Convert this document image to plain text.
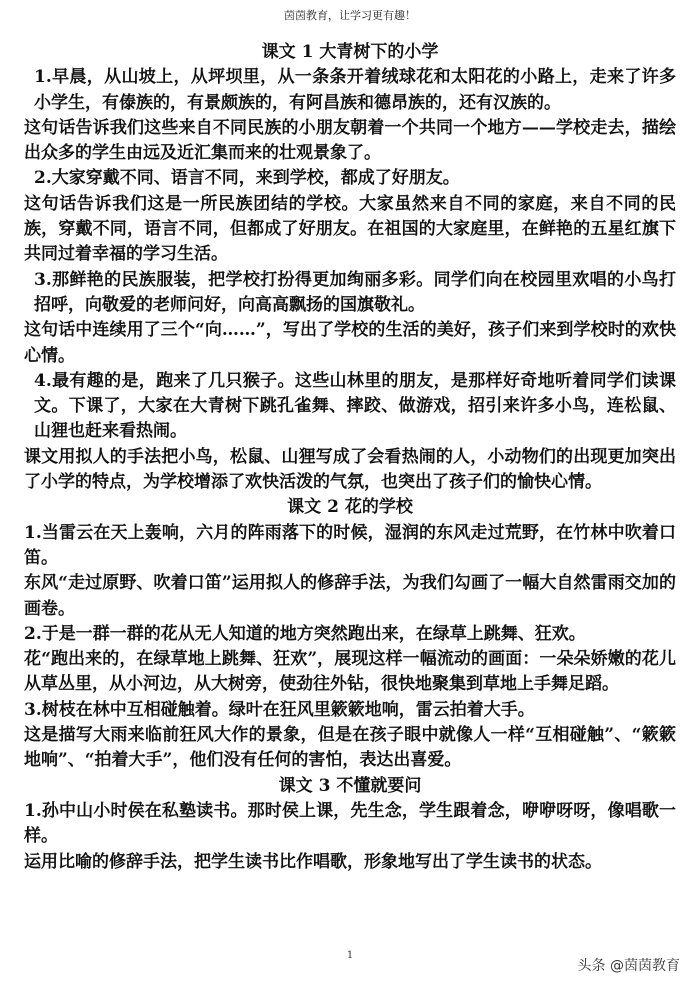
茵茵教育，让学习更有趣！

课文 1 大青树下的小学

1.早晨，从山坡上，从坪坝里，从一条条开着绒球花和太阳花的小路上，走来了许多小学生，有傣族的，有景颇族的，有阿昌族和德昂族的，还有汉族的。

这句话告诉我们这些来自不同民族的小朋友朝着一个共同一个地方——学校走去，描绘出众多的学生由远及近汇集而来的壮观景象了。

2.大家穿戴不同、语言不同，来到学校，都成了好朋友。

这句话告诉我们这是一所民族团结的学校。大家虽然来自不同的家庭，来自不同的民族，穿戴不同，语言不同，但都成了好朋友。在祖国的大家庭里，在鲜艳的五星红旗下共同过着幸福的学习生活。

3.那鲜艳的民族服装，把学校打扮得更加绚丽多彩。同学们向在校园里欢唱的小鸟打招呼，向敬爱的老师问好，向高高飘扬的国旗敬礼。

这句话中连续用了三个“向……”，写出了学校的生活的美好，孩子们来到学校时的欢快心情。

4.最有趣的是，跑来了几只猴子。这些山林里的朋友，是那样好奇地听着同学们读课文。下课了，大家在大青树下跳孔雀舞、摔跤、做游戏，招引来许多小鸟，连松鼠、山狸也赶来看热闹。

课文用拟人的手法把小鸟，松鼠、山狸写成了会看热闹的人，小动物们的出现更加突出了小学的特点，为学校增添了欢快活泼的气氛，也突出了孩子们的愉快心情。

课文 2 花的学校

1.当雷云在天上轰响，六月的阵雨落下的时候，湿润的东风走过荒野，在竹林中吹着口笛。

东风“走过原野、吹着口笛”运用拟人的修辞手法，为我们勾画了一幅大自然雷雨交加的画卷。

2.于是一群一群的花从无人知道的地方突然跑出来，在绿草上跳舞、狂欢。

花“跑出来的，在绿草地上跳舞、狂欢”，展现这样一幅流动的画面：一朵朵娇嫩的花儿从草丛里，从小河边，从大树旁，使劲往外钻，很快地聚集到草地上手舞足蹈。

3.树枝在林中互相碰触着。绿叶在狂风里簌簌地响，雷云拍着大手。

这是描写大雨来临前狂风大作的景象，但是在孩子眼中就像人一样“互相碰触”、“簌簌地响”、“拍着大手”，他们没有任何的害怕，表达出喜爱。

课文 3 不懂就要问

1.孙中山小时侯在私塾读书。那时侯上课，先生念，学生跟着念，咿咿呀呀，像唱歌一样。

运用比喻的修辞手法，把学生读书比作唱歌，形象地写出了学生读书的状态。

1
头条 @茵茵教育
